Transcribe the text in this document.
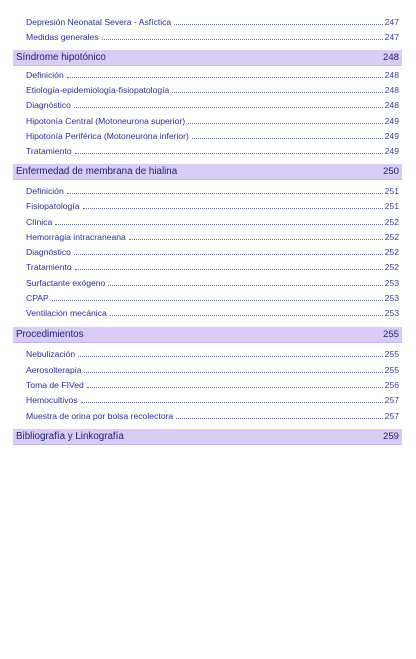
Depresión Neonatal Severa - Asfíctica	247
Medidas generales	247
Síndrome hipotónico	248
Definición	248
Etiología-epidemiología-fisiopatología	248
Diagnóstico	248
Hipotonía Central (Motoneurona superior)	249
Hipotonía Periférica (Motoneurona inferior)	249
Tratamiento	249
Enfermedad de membrana de hialina	250
Definición	251
Fisiopatología	251
Clínica	252
Hemorragia intracraneana	252
Diagnóstico	252
Tratamiento	252
Surfactante exógeno	253
CPAP	253
Ventilación mecánica	253
Procedimientos	255
Nebulización	255
Aerosolterapia	255
Toma de FIVed	256
Hemocultivos	257
Muestra de orina por bolsa recolectora	257
Bibliografía y Linkografía	259
